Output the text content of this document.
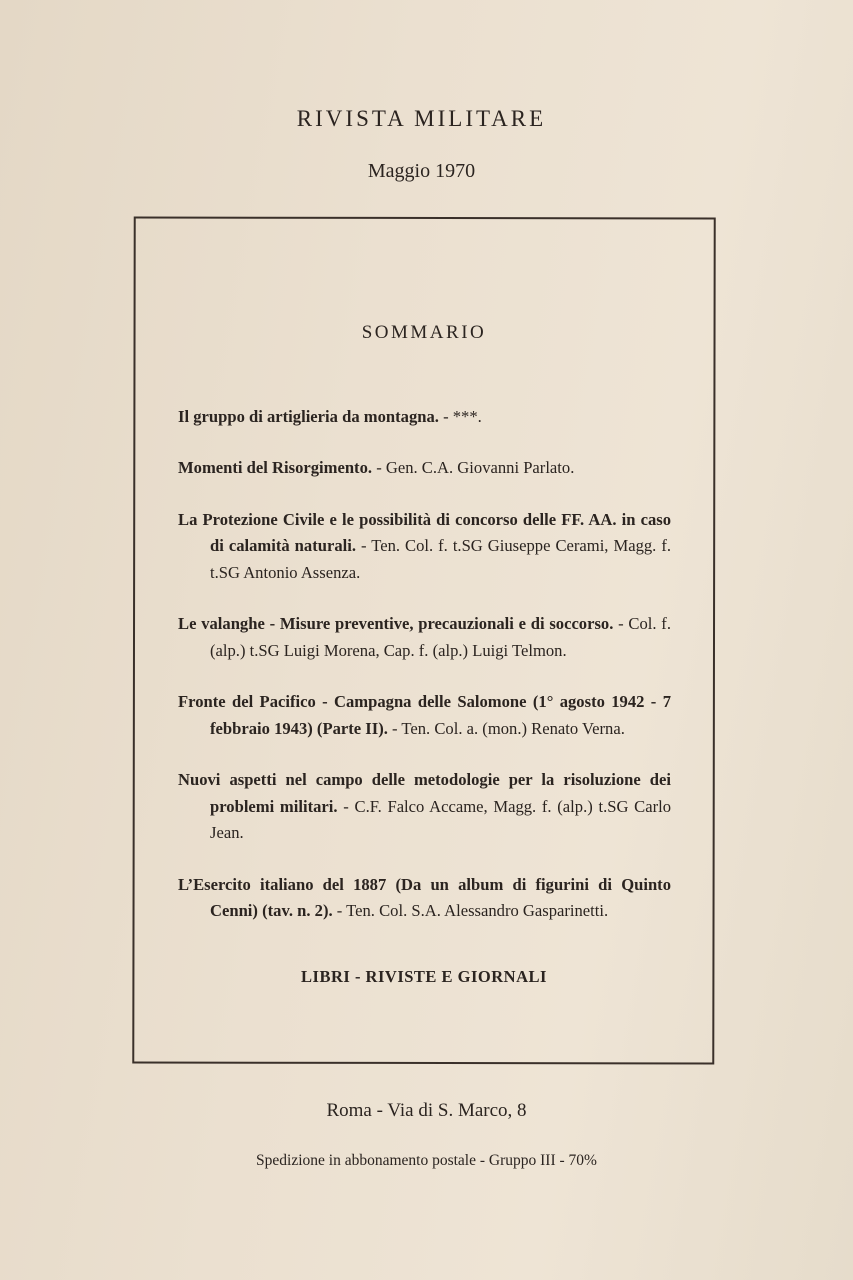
RIVISTA MILITARE
Maggio 1970
SOMMARIO

Il gruppo di artiglieria da montagna. - ***.

Momenti del Risorgimento. - Gen. C.A. Giovanni Parlato.

La Protezione Civile e le possibilità di concorso delle FF. AA. in caso di calamità naturali. - Ten. Col. f. t.SG Giuseppe Cerami, Magg. f. t.SG Antonio Assenza.

Le valanghe - Misure preventive, precauzionali e di soccorso. - Col. f. (alp.) t.SG Luigi Morena, Cap. f. (alp.) Luigi Telmon.

Fronte del Pacifico - Campagna delle Salomone (1° agosto 1942 - 7 febbraio 1943) (Parte II). - Ten. Col. a. (mon.) Renato Verna.

Nuovi aspetti nel campo delle metodologie per la risoluzione dei problemi militari. - C.F. Falco Accame, Magg. f. (alp.) t.SG Carlo Jean.

L’Esercito italiano del 1887 (Da un album di figurini di Quinto Cenni) (tav. n. 2). - Ten. Col. S.A. Alessandro Gasparinetti.

LIBRI - RIVISTE E GIORNALI
Roma - Via di S. Marco, 8
Spedizione in abbonamento postale - Gruppo III - 70%
